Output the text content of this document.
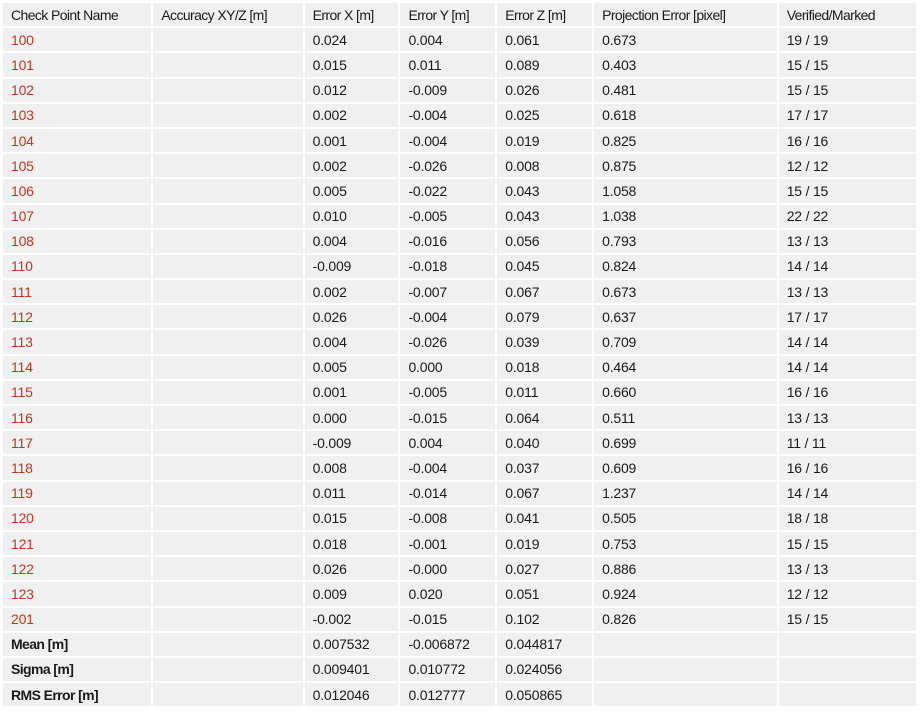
Check Point Name	Accuracy XY/Z [m]	Error X [m]	Error Y [m]	Error Z [m]	Projection Error [pixel]	Verified/Marked
100		0.024	0.004	0.061	0.673	19 / 19
101		0.015	0.011	0.089	0.403	15 / 15
102		0.012	-0.009	0.026	0.481	15 / 15
103		0.002	-0.004	0.025	0.618	17 / 17
104		0.001	-0.004	0.019	0.825	16 / 16
105		0.002	-0.026	0.008	0.875	12 / 12
106		0.005	-0.022	0.043	1.058	15 / 15
107		0.010	-0.005	0.043	1.038	22 / 22
108		0.004	-0.016	0.056	0.793	13 / 13
110		-0.009	-0.018	0.045	0.824	14 / 14
111		0.002	-0.007	0.067	0.673	13 / 13
112		0.026	-0.004	0.079	0.637	17 / 17
113		0.004	-0.026	0.039	0.709	14 / 14
114		0.005	0.000	0.018	0.464	14 / 14
115		0.001	-0.005	0.011	0.660	16 / 16
116		0.000	-0.015	0.064	0.511	13 / 13
117		-0.009	0.004	0.040	0.699	11 / 11
118		0.008	-0.004	0.037	0.609	16 / 16
119		0.011	-0.014	0.067	1.237	14 / 14
120		0.015	-0.008	0.041	0.505	18 / 18
121		0.018	-0.001	0.019	0.753	15 / 15
122		0.026	-0.000	0.027	0.886	13 / 13
123		0.009	0.020	0.051	0.924	12 / 12
201		-0.002	-0.015	0.102	0.826	15 / 15
Mean [m]		0.007532	-0.006872	0.044817		
Sigma [m]		0.009401	0.010772	0.024056		
RMS Error [m]		0.012046	0.012777	0.050865		
